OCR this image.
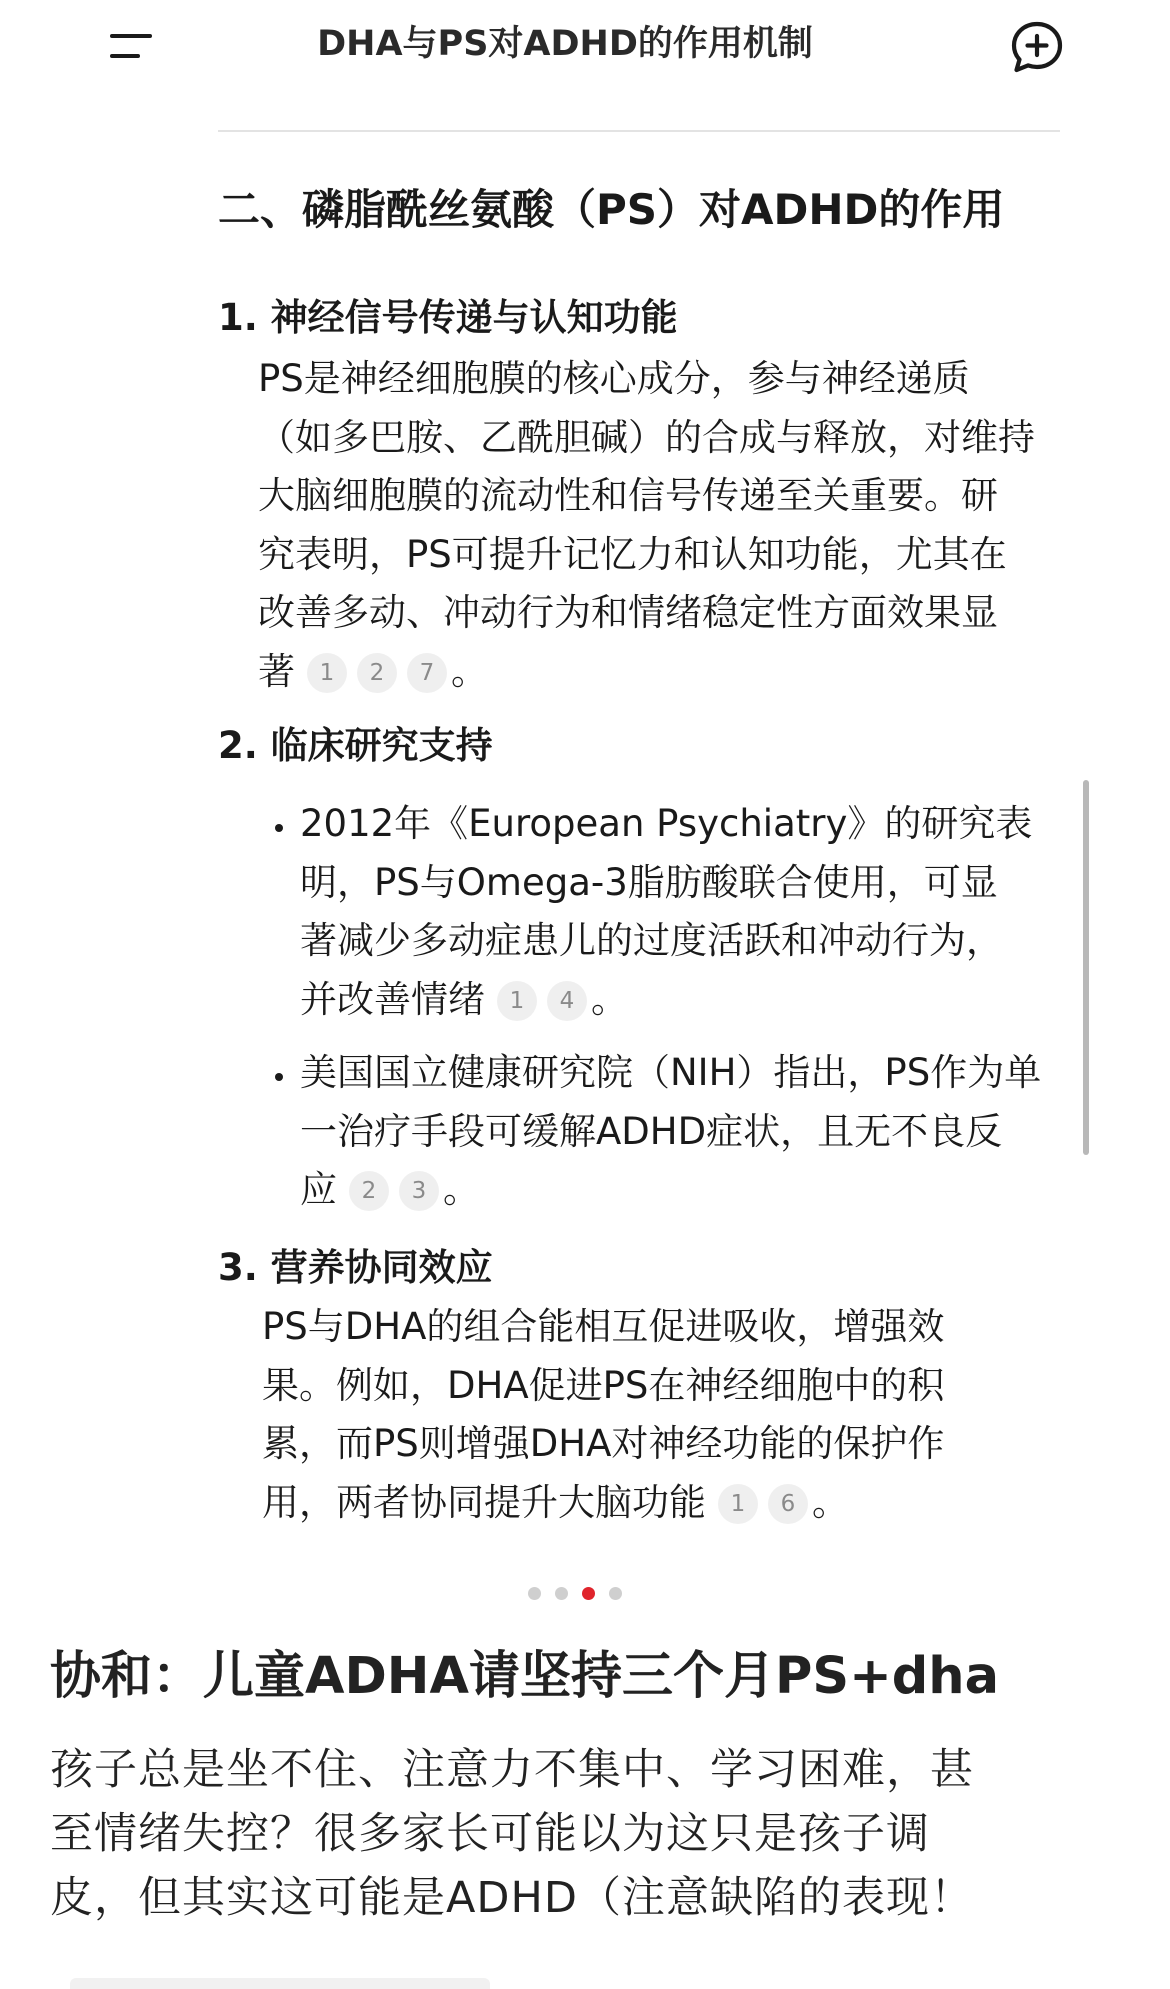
DHA与PS对ADHD的作用机制
二、磷脂酰丝氨酸（PS）对ADHD的作用
1. 神经信号传递与认知功能
PS是神经细胞膜的核心成分，参与神经递质
（如多巴胺、乙酰胆碱）的合成与释放，对维持
大脑细胞膜的流动性和信号传递至关重要。研
究表明，PS可提升记忆力和认知功能，尤其在
改善多动、冲动行为和情绪稳定性方面效果显
著 1 2 7 。
2. 临床研究支持
2012年《European Psychiatry》的研究表
明，PS与Omega-3脂肪酸联合使用，可显
著减少多动症患儿的过度活跃和冲动行为，
并改善情绪 1 4 。
美国国立健康研究院（NIH）指出，PS作为单
一治疗手段可缓解ADHD症状，且无不良反
应 2 3 。
3. 营养协同效应
PS与DHA的组合能相互促进吸收，增强效
果。例如，DHA促进PS在神经细胞中的积
累，而PS则增强DHA对神经功能的保护作
用，两者协同提升大脑功能 1 6 。
协和：儿童ADHA请坚持三个月PS+dha
孩子总是坐不住、注意力不集中、学习困难，甚
至情绪失控？很多家长可能以为这只是孩子调
皮，但其实这可能是ADHD（注意缺陷的表现！
